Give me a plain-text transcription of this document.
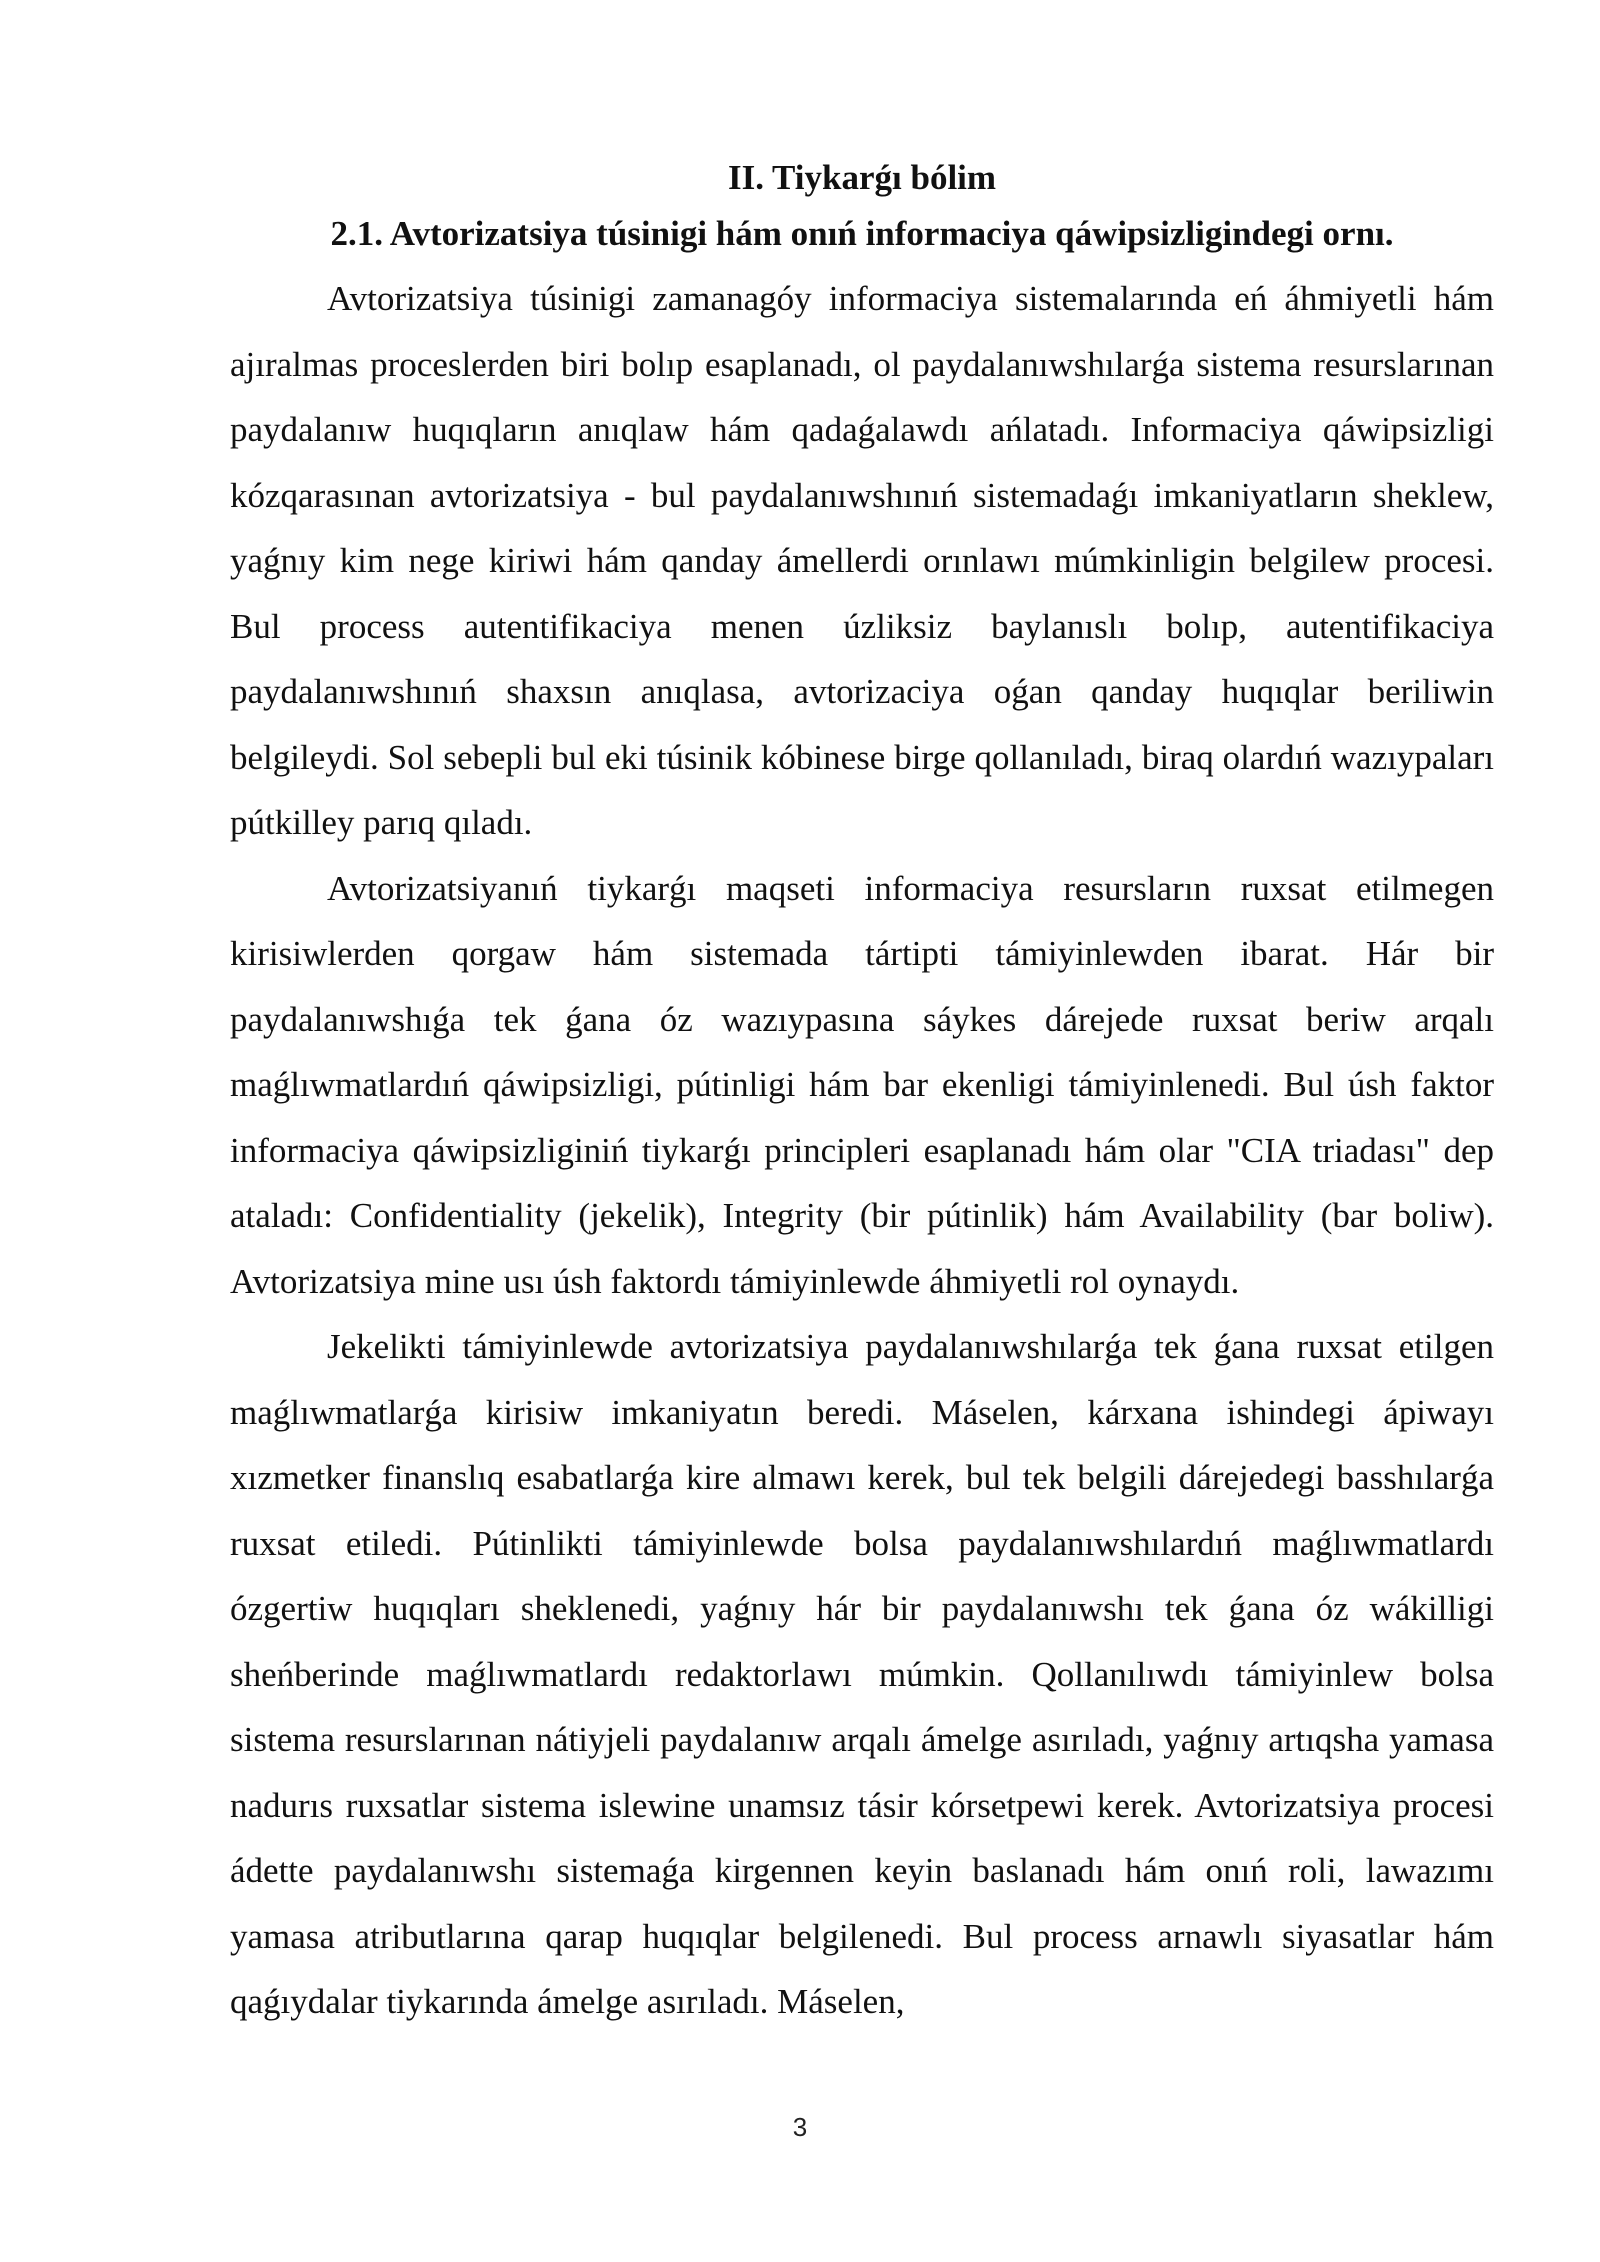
II. Tiykarǵı bólim
2.1. Avtorizatsiya túsinigi hám onıń informaciya qáwipsizligindegi ornı.

Avtorizatsiya túsinigi zamanagóy informaciya sistemalarında eń áhmiyetli hám ajıralmas proceslerden biri bolıp esaplanadı, ol paydalanıwshılarǵa sistema resurslarınan paydalanıw huqıqların anıqlaw hám qadaǵalawdı ańlatadı. Informaciya qáwipsizligi kózqarasınan avtorizatsiya - bul paydalanıwshınıń sistemadaǵı imkaniyatların sheklew, yaǵnıy kim nege kiriwi hám qanday ámellerdi orınlawı múmkinligin belgilew procesi. Bul process autentifikaciya menen úzliksiz baylanıslı bolıp, autentifikaciya paydalanıwshınıń shaxsın anıqlasa, avtorizaciya oǵan qanday huqıqlar beriliwin belgileydi. Sol sebepli bul eki túsinik kóbinese birge qollanıladı, biraq olardıń wazıypaları pútkilley parıq qıladı.

Avtorizatsiyanıń tiykarǵı maqseti informaciya resursların ruxsat etilmegen kirisiwlerden qorgaw hám sistemada tártipti támiyinlewden ibarat. Hár bir paydalanıwshıǵa tek ǵana óz wazıypasına sáykes dárejede ruxsat beriw arqalı maǵlıwmatlardıń qáwipsizligi, pútinligi hám bar ekenligi támiyinlenedi. Bul úsh faktor informaciya qáwipsizliginiń tiykarǵı principleri esaplanadı hám olar "CIA triadası" dep ataladı: Confidentiality (jekelik), Integrity (bir pútinlik) hám Availability (bar boliw). Avtorizatsiya mine usı úsh faktordı támiyinlewde áhmiyetli rol oynaydı.

Jekelikti támiyinlewde avtorizatsiya paydalanıwshılarǵa tek ǵana ruxsat etilgen maǵlıwmatlarǵa kirisiw imkaniyatın beredi. Máselen, kárxana ishindegi ápiwayı xızmetker finanslıq esabatlarǵa kire almawı kerek, bul tek belgili dárejedegi basshılarǵa ruxsat etiledi. Pútinlikti támiyinlewde bolsa paydalanıwshılardıń maǵlıwmatlardı ózgertiw huqıqları sheklenedi, yaǵnıy hár bir paydalanıwshı tek ǵana óz wákilligi sheńberinde maǵlıwmatlardı redaktorlawı múmkin. Qollanılıwdı támiyinlew bolsa sistema resurslarınan nátiyjeli paydalanıw arqalı ámelge asırıladı, yaǵnıy artıqsha yamasa nadurıs ruxsatlar sistema islewine unamsız tásir kórsetpewi kerek. Avtorizatsiya procesi ádette paydalanıwshı sistemaǵa kirgennen keyin baslanadı hám onıń roli, lawazımı yamasa atributlarına qarap huqıqlar belgilenedi. Bul process arnawlı siyasatlar hám qaǵıydalar tiykarında ámelge asırıladı. Máselen,

3
